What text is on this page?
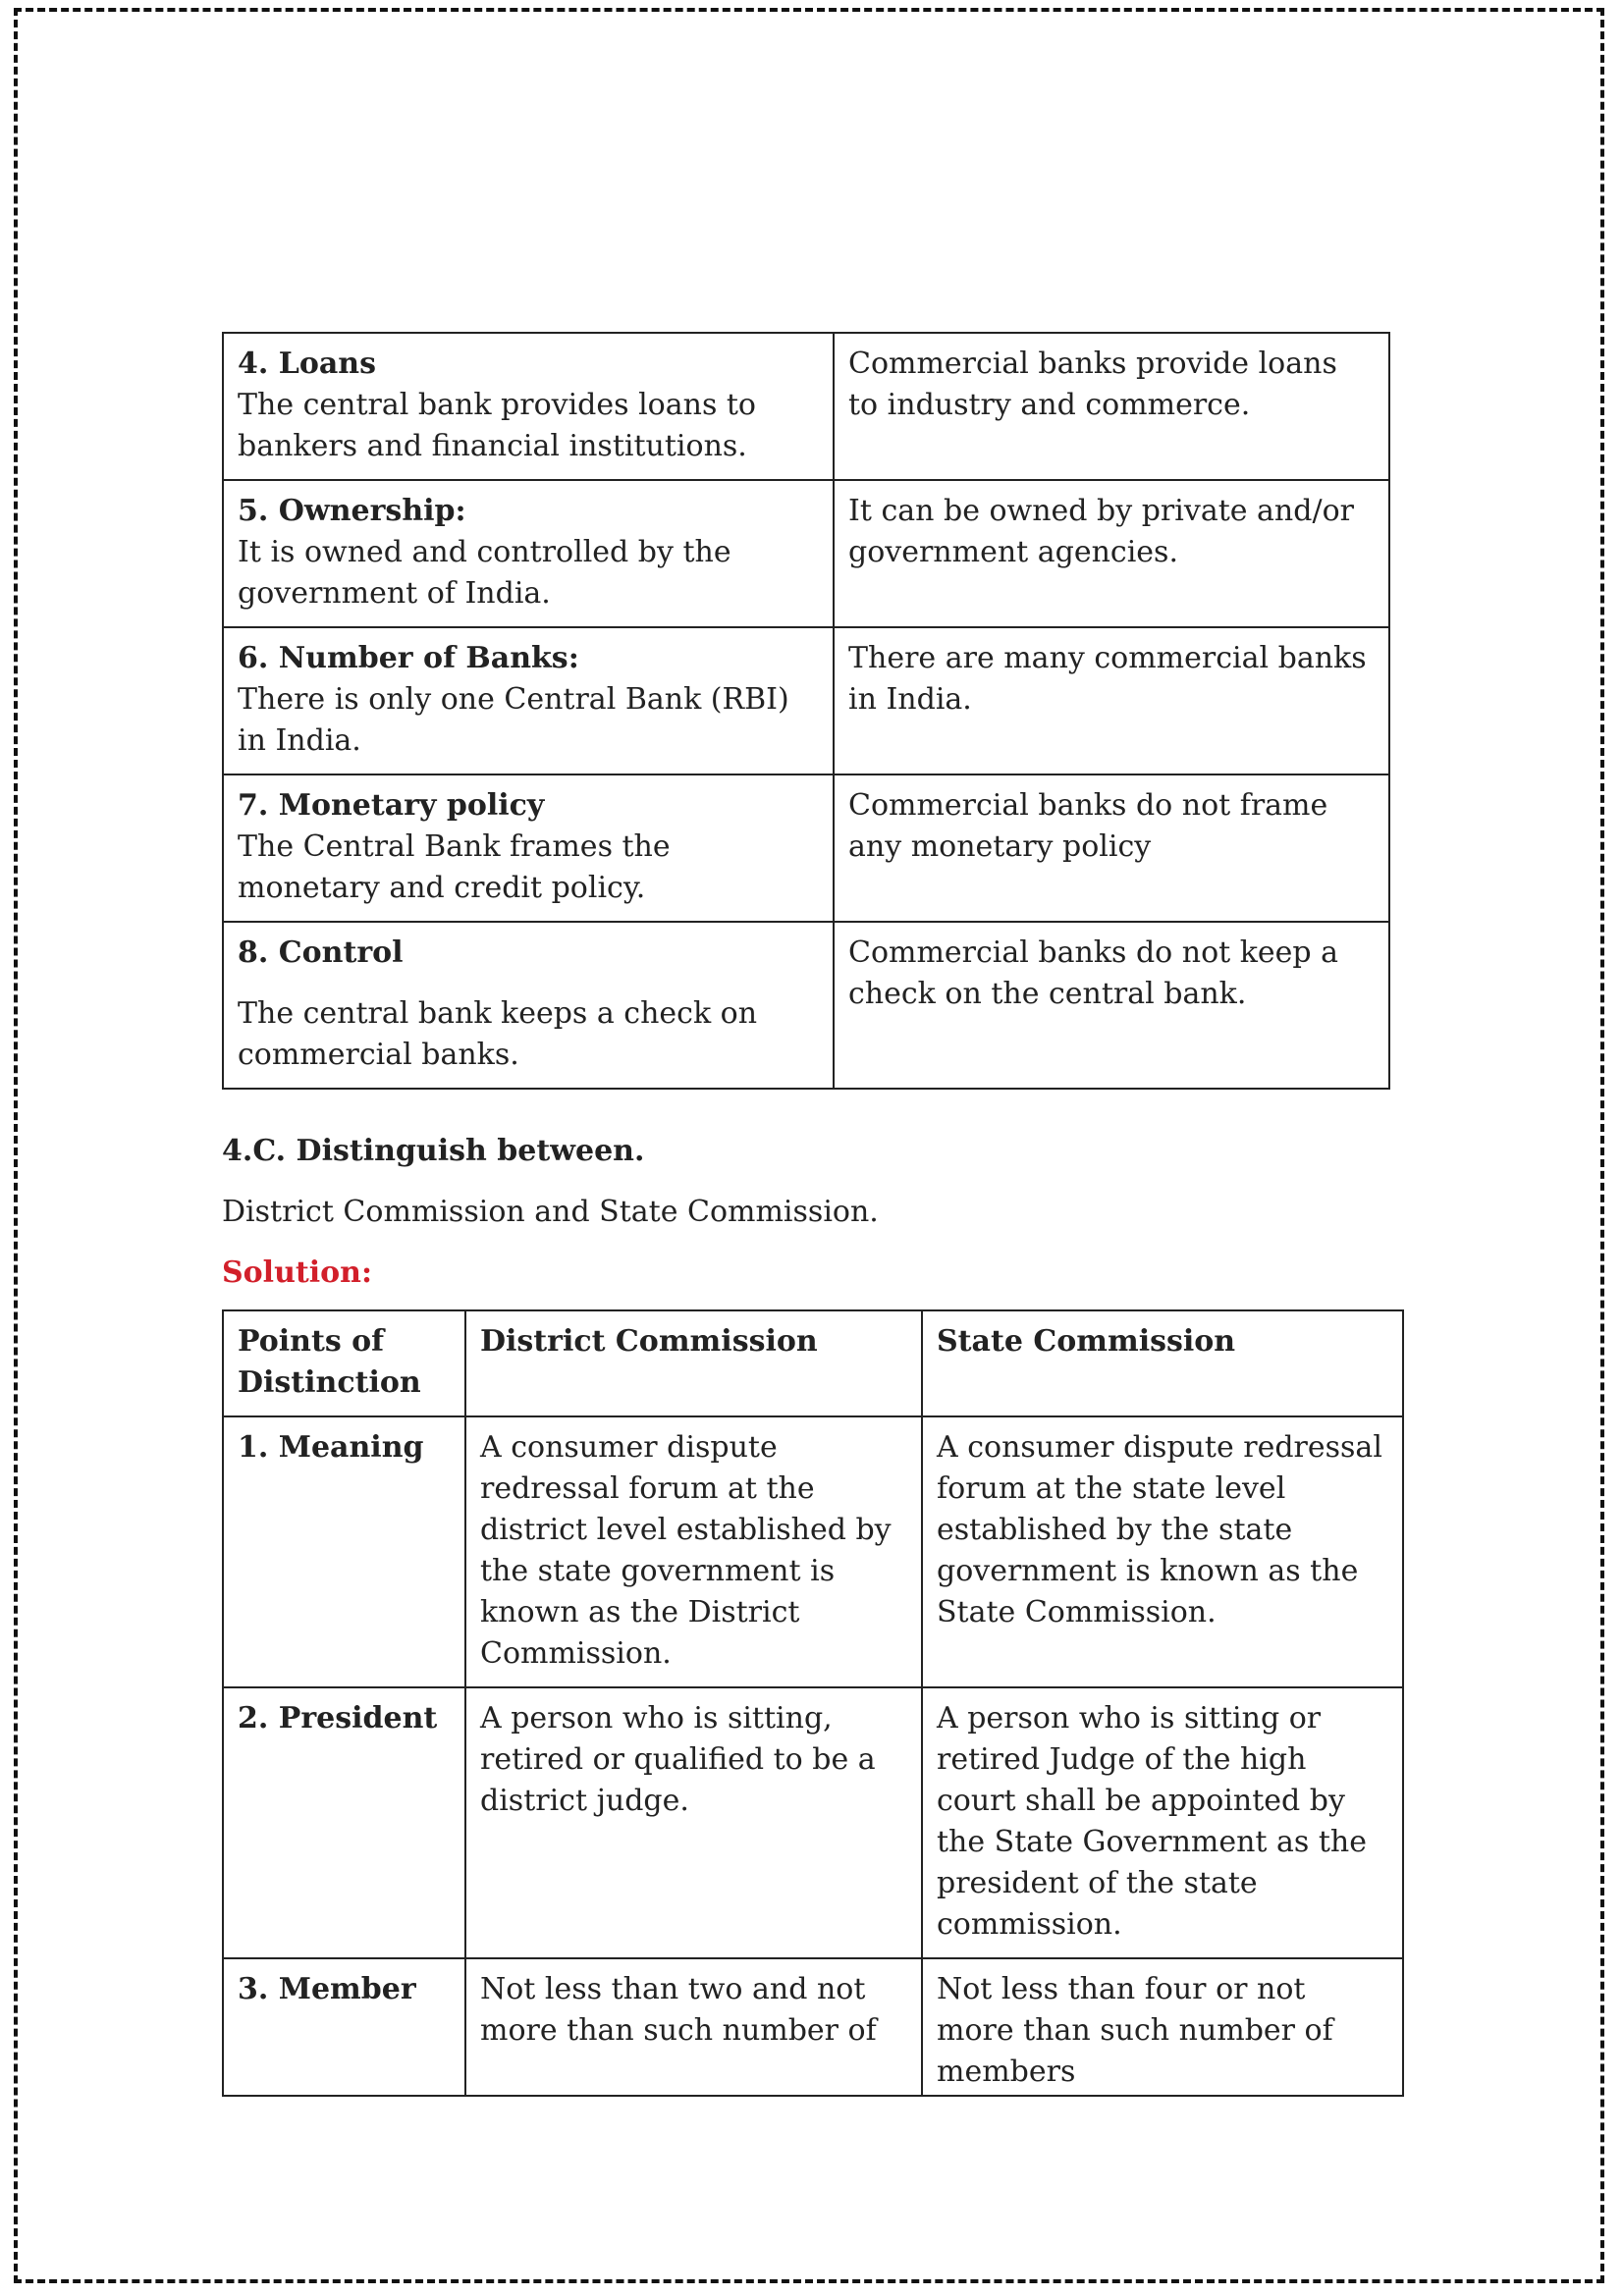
4. Loans
The central bank provides loans to bankers and financial institutions.	Commercial banks provide loans to industry and commerce.

5. Ownership:
It is owned and controlled by the government of India.	It can be owned by private and/or government agencies.

6. Number of Banks:
There is only one Central Bank (RBI) in India.	There are many commercial banks in India.

7. Monetary policy
The Central Bank frames the monetary and credit policy.	Commercial banks do not frame any monetary policy

8. Control
The central bank keeps a check on commercial banks.	Commercial banks do not keep a check on the central bank.
4.C. Distinguish between.
District Commission and State Commission.
Solution:
Points of Distinction	District Commission	State Commission
1. Meaning	A consumer dispute redressal forum at the district level established by the state government is known as the District Commission.	A consumer dispute redressal forum at the state level established by the state government is known as the State Commission.
2. President	A person who is sitting, retired or qualified to be a district judge.	A person who is sitting or retired Judge of the high court shall be appointed by the State Government as the president of the state commission.
3. Member	Not less than two and not more than such number of	Not less than four or not more than such number of members
